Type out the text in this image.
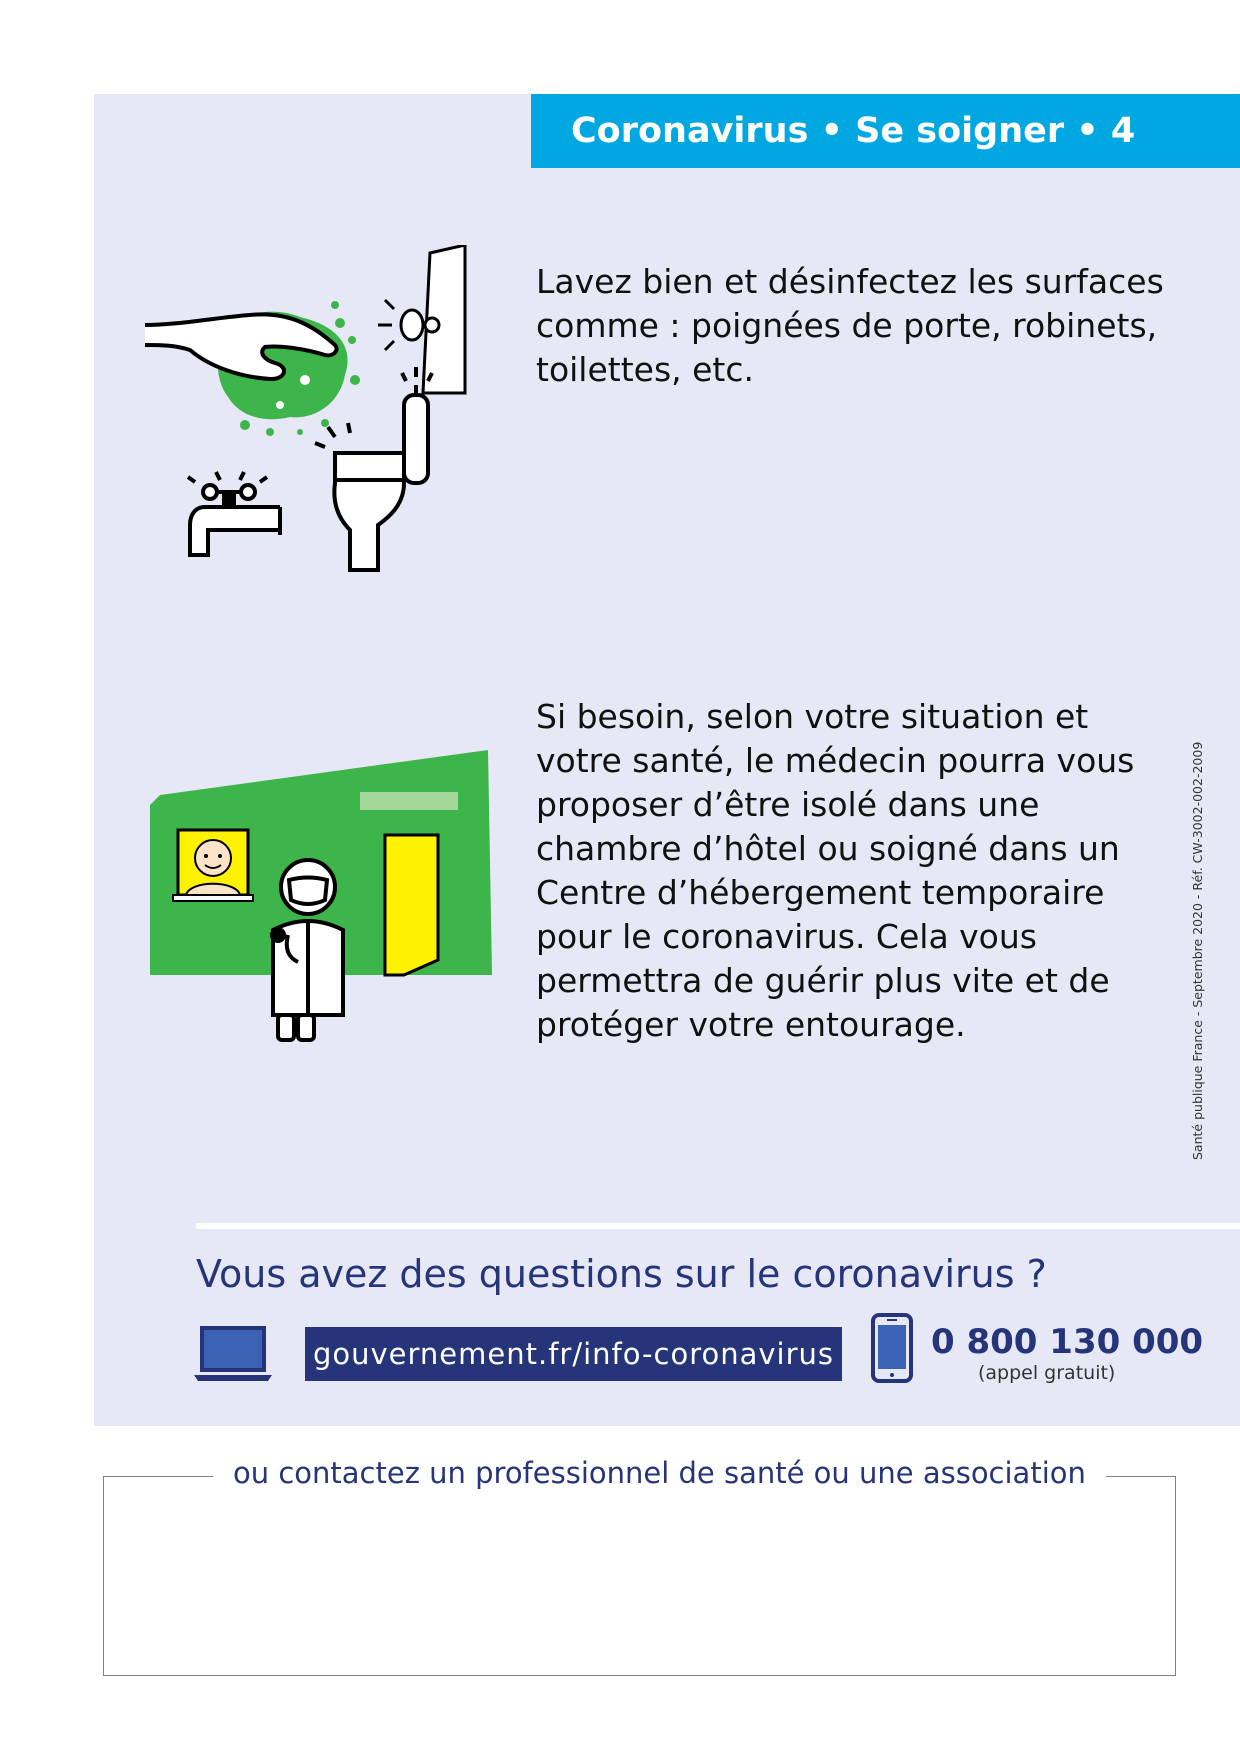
Coronavirus • Se soigner • 4
Lavez bien et désinfectez les surfaces comme : poignées de porte, robinets, toilettes, etc.
Si besoin, selon votre situation et votre santé, le médecin pourra vous proposer d’être isolé dans une chambre d’hôtel ou soigné dans un Centre d’hébergement temporaire pour le coronavirus. Cela vous permettra de guérir plus vite et de protéger votre entourage.	Santé publique France - Septembre 2020 - Réf. CW-3002-002-2009
Vous avez des questions sur le coronavirus ?
gouvernement.fr/info-coronavirus	0 800 130 000
(appel gratuit)
ou contactez un professionnel de santé ou une association
